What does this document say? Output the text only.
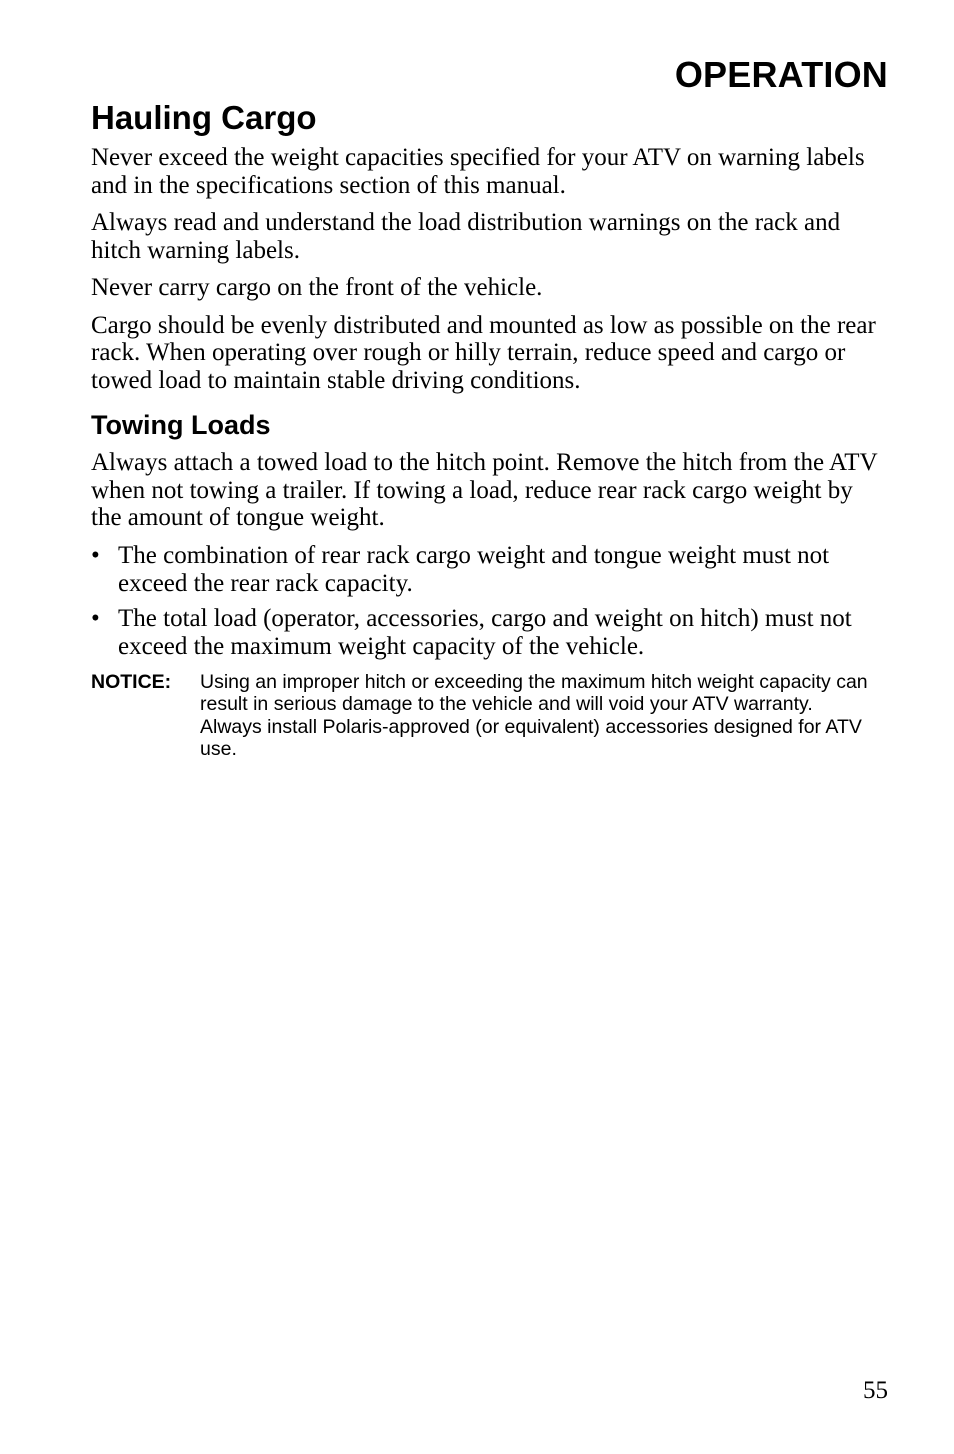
OPERATION
Hauling Cargo

Never exceed the weight capacities specified for your ATV on warning labels and in the specifications section of this manual.

Always read and understand the load distribution warnings on the rack and hitch warning labels.

Never carry cargo on the front of the vehicle.

Cargo should be evenly distributed and mounted as low as possible on the rear rack. When operating over rough or hilly terrain, reduce speed and cargo or towed load to maintain stable driving conditions.

Towing Loads

Always attach a towed load to the hitch point. Remove the hitch from the ATV when not towing a trailer. If towing a load, reduce rear rack cargo weight by the amount of tongue weight.

• The combination of rear rack cargo weight and tongue weight must not exceed the rear rack capacity.
• The total load (operator, accessories, cargo and weight on hitch) must not exceed the maximum weight capacity of the vehicle.
NOTICE:	Using an improper hitch or exceeding the maximum hitch weight capacity can result in serious damage to the vehicle and will void your ATV warranty. Always install Polaris-approved (or equivalent) accessories designed for ATV use.
55
